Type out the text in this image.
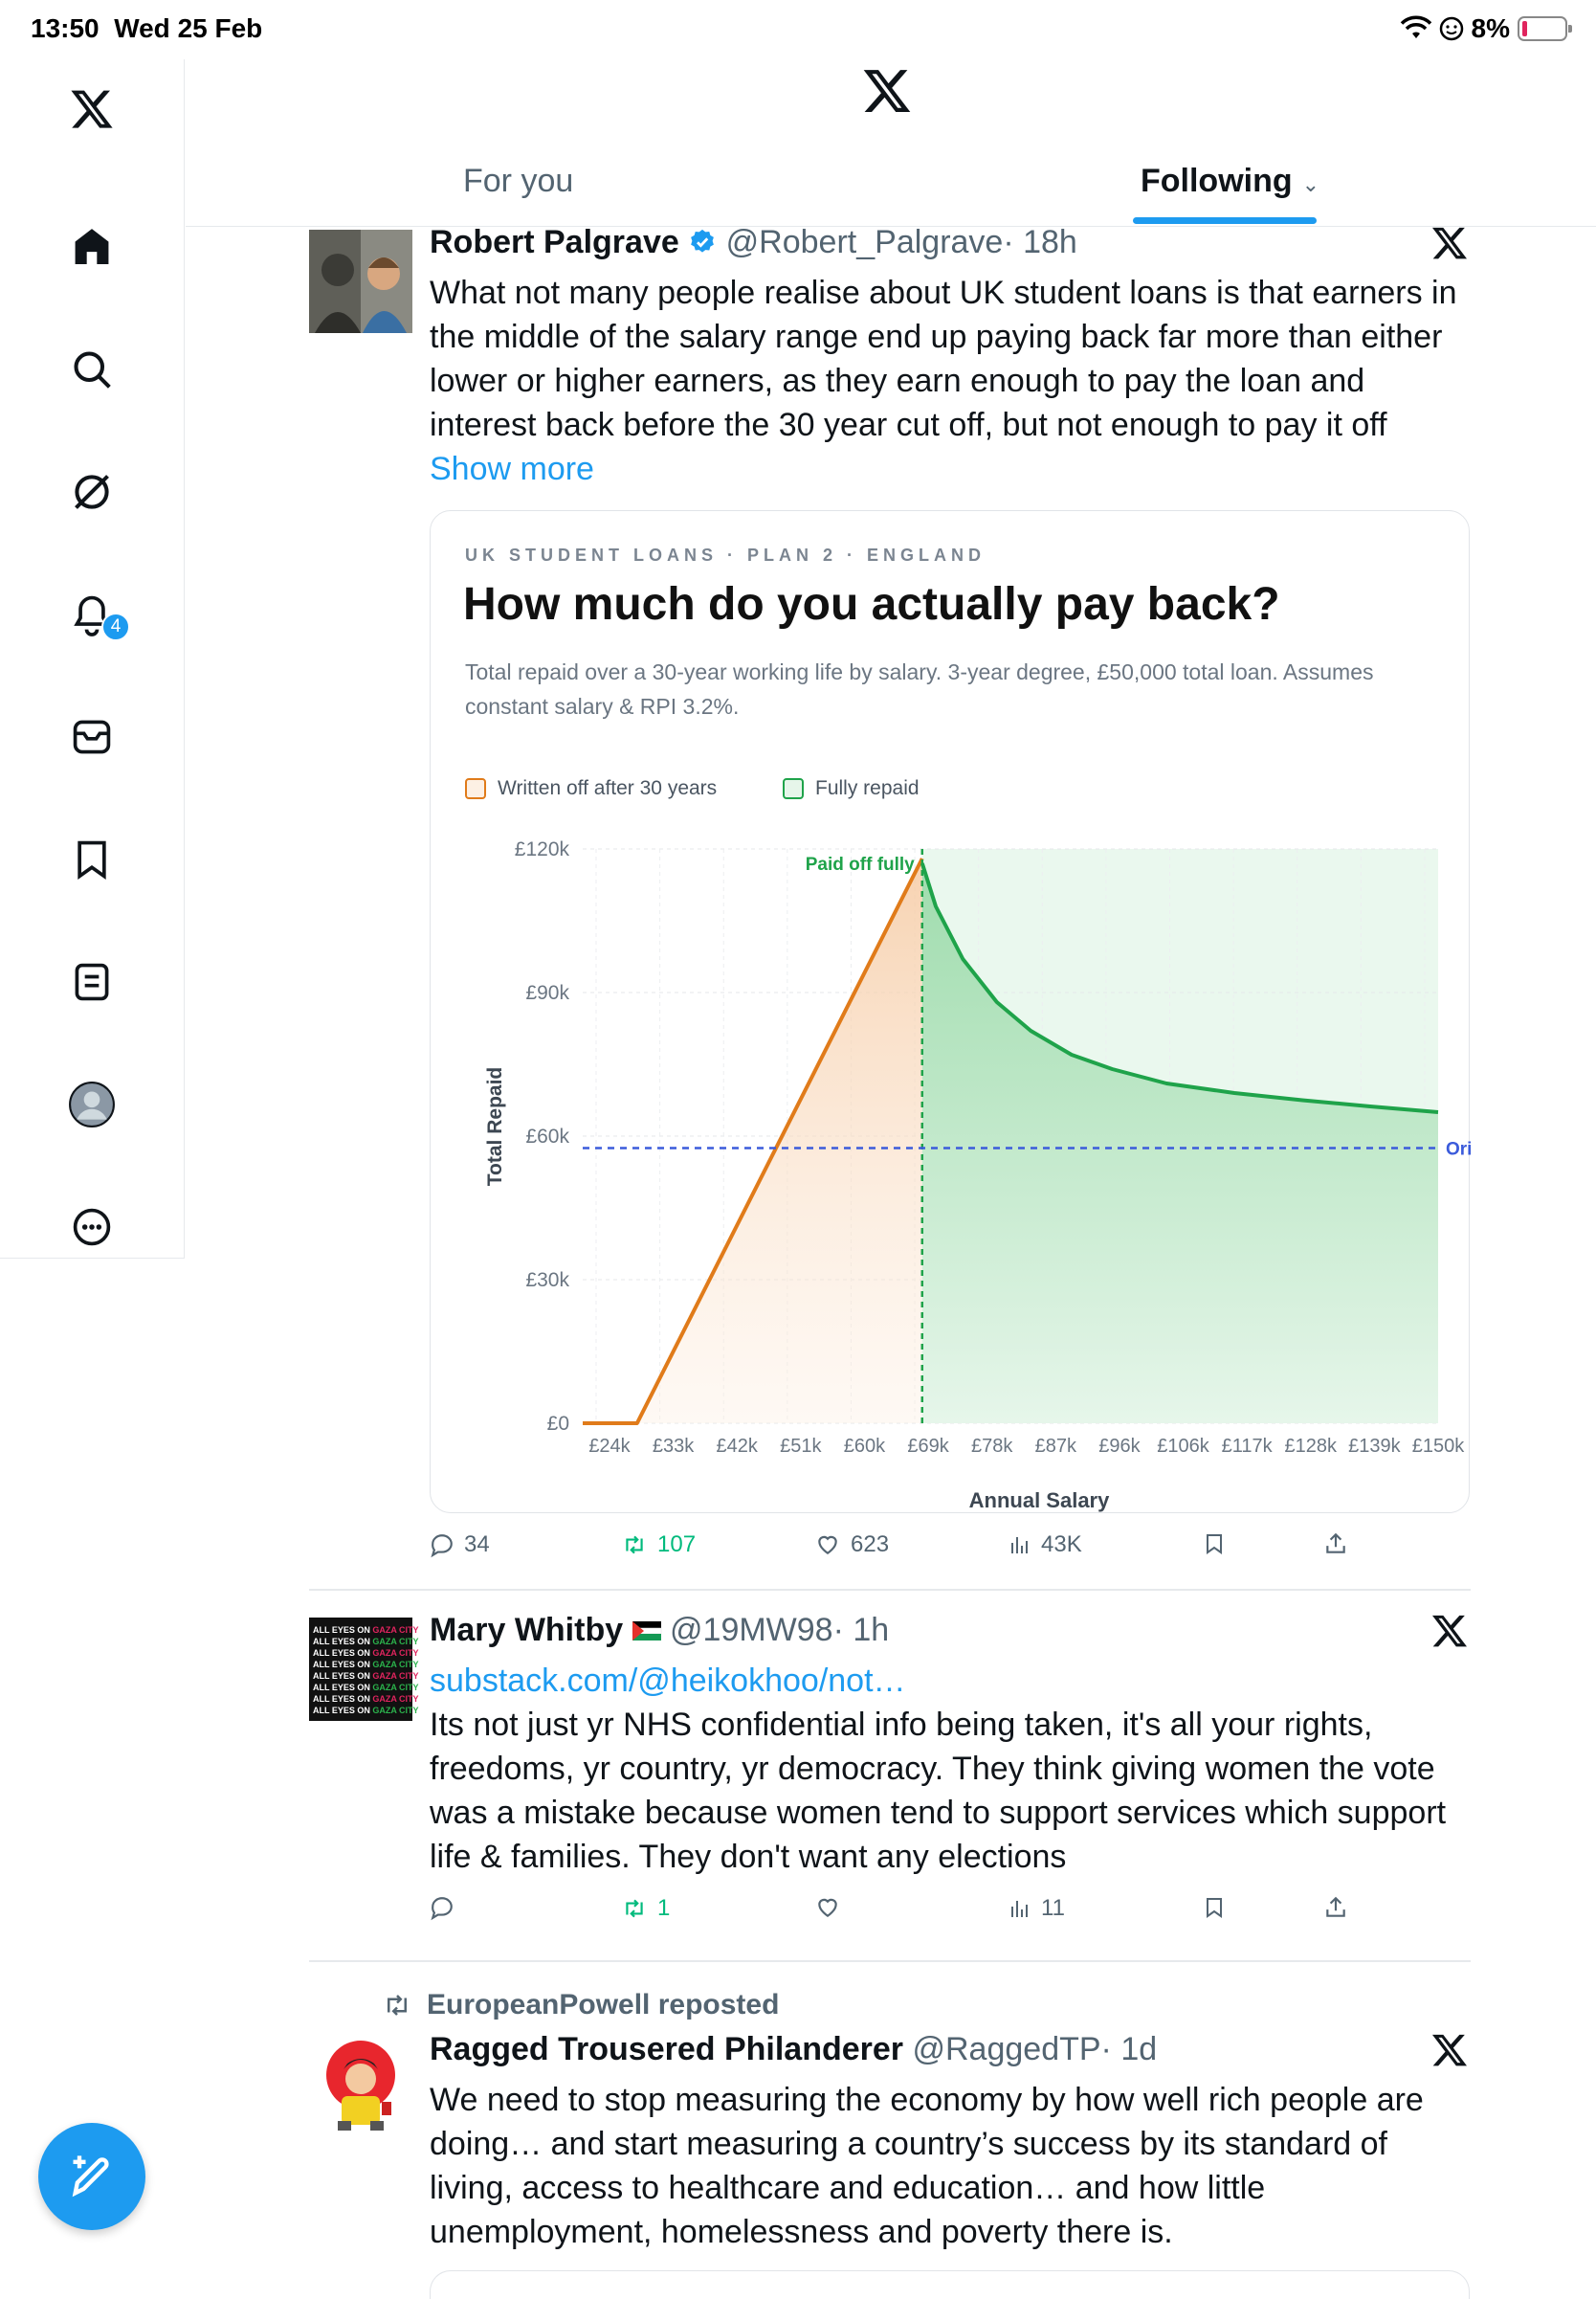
13:50 Wed 25 Feb	8%
4
For you	Following ⌄
Robert Palgrave @Robert_Palgrave· 18h
What not many people realise about UK student loans is that earners in the middle of the salary range end up paying back far more than either lower or higher earners, as they earn enough to pay the loan and interest back before the 30 year cut off, but not enough to pay it off Show more
UK STUDENT LOANS · PLAN 2 · ENGLAND
How much do you actually pay back?
Total repaid over a 30-year working life by salary. 3-year degree, £50,000 total loan. Assumes constant salary & RPI 3.2%.
Written off after 30 years	Fully repaid
£0
£30k
£60k
£90k
£120k
£24k £33k £42k £51k £60k £69k £78k £87k £96k £106k £117k £128k £139k £150k
Paid off fully
Ori
Annual Salary
Total Repaid
34	107	623	43K
ALL EYES ON GAZA CITY
ALL EYES ON GAZA CITY
ALL EYES ON GAZA CITY
ALL EYES ON GAZA CITY
ALL EYES ON GAZA CITY
ALL EYES ON GAZA CITY
ALL EYES ON GAZA CITY
ALL EYES ON GAZA CITY
Mary Whitby @19MW98· 1h
substack.com/@heikokhoo/not…
Its not just yr NHS confidential info being taken, it's all your rights, freedoms, yr country, yr democracy. They think giving women the vote was a mistake because women tend to support services which support life & families. They don't want any elections
1	11
EuropeanPowell reposted
Ragged Trousered Philanderer @RaggedTP· 1d
We need to stop measuring the economy by how well rich people are doing… and start measuring a country’s success by its standard of living, access to healthcare and education… and how little unemployment, homelessness and poverty there is.
